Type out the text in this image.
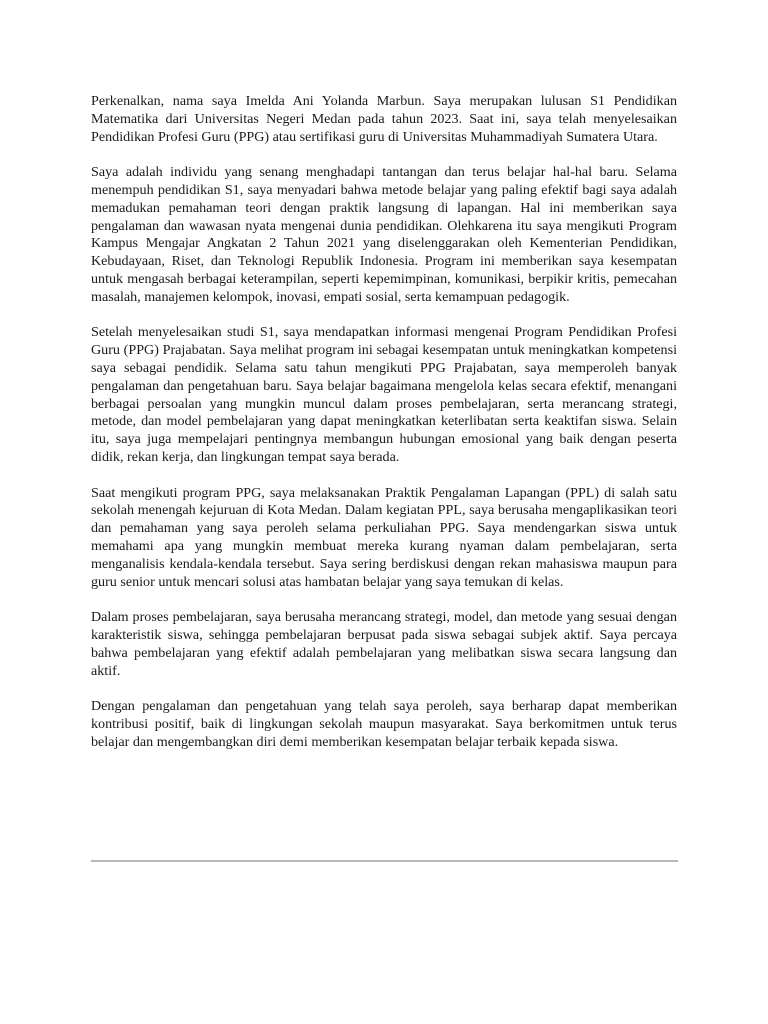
Perkenalkan, nama saya Imelda Ani Yolanda Marbun. Saya merupakan lulusan S1 Pendidikan Matematika dari Universitas Negeri Medan pada tahun 2023. Saat ini, saya telah menyelesaikan Pendidikan Profesi Guru (PPG) atau sertifikasi guru di Universitas Muhammadiyah Sumatera Utara.

Saya adalah individu yang senang menghadapi tantangan dan terus belajar hal-hal baru. Selama menempuh pendidikan S1, saya menyadari bahwa metode belajar yang paling efektif bagi saya adalah memadukan pemahaman teori dengan praktik langsung di lapangan. Hal ini memberikan saya pengalaman dan wawasan nyata mengenai dunia pendidikan. Olehkarena itu saya mengikuti Program Kampus Mengajar Angkatan 2 Tahun 2021 yang diselenggarakan oleh Kementerian Pendidikan, Kebudayaan, Riset, dan Teknologi Republik Indonesia. Program ini memberikan saya kesempatan untuk mengasah berbagai keterampilan, seperti kepemimpinan, komunikasi, berpikir kritis, pemecahan masalah, manajemen kelompok, inovasi, empati sosial, serta kemampuan pedagogik.

Setelah menyelesaikan studi S1, saya mendapatkan informasi mengenai Program Pendidikan Profesi Guru (PPG) Prajabatan. Saya melihat program ini sebagai kesempatan untuk meningkatkan kompetensi saya sebagai pendidik. Selama satu tahun mengikuti PPG Prajabatan, saya memperoleh banyak pengalaman dan pengetahuan baru. Saya belajar bagaimana mengelola kelas secara efektif, menangani berbagai persoalan yang mungkin muncul dalam proses pembelajaran, serta merancang strategi, metode, dan model pembelajaran yang dapat meningkatkan keterlibatan serta keaktifan siswa. Selain itu, saya juga mempelajari pentingnya membangun hubungan emosional yang baik dengan peserta didik, rekan kerja, dan lingkungan tempat saya berada.

Saat mengikuti program PPG, saya melaksanakan Praktik Pengalaman Lapangan (PPL) di salah satu sekolah menengah kejuruan di Kota Medan. Dalam kegiatan PPL, saya berusaha mengaplikasikan teori dan pemahaman yang saya peroleh selama perkuliahan PPG. Saya mendengarkan siswa untuk memahami apa yang mungkin membuat mereka kurang nyaman dalam pembelajaran, serta menganalisis kendala-kendala tersebut. Saya sering berdiskusi dengan rekan mahasiswa maupun para guru senior untuk mencari solusi atas hambatan belajar yang saya temukan di kelas.

Dalam proses pembelajaran, saya berusaha merancang strategi, model, dan metode yang sesuai dengan karakteristik siswa, sehingga pembelajaran berpusat pada siswa sebagai subjek aktif. Saya percaya bahwa pembelajaran yang efektif adalah pembelajaran yang melibatkan siswa secara langsung dan aktif.

Dengan pengalaman dan pengetahuan yang telah saya peroleh, saya berharap dapat memberikan kontribusi positif, baik di lingkungan sekolah maupun masyarakat. Saya berkomitmen untuk terus belajar dan mengembangkan diri demi memberikan kesempatan belajar terbaik kepada siswa.
